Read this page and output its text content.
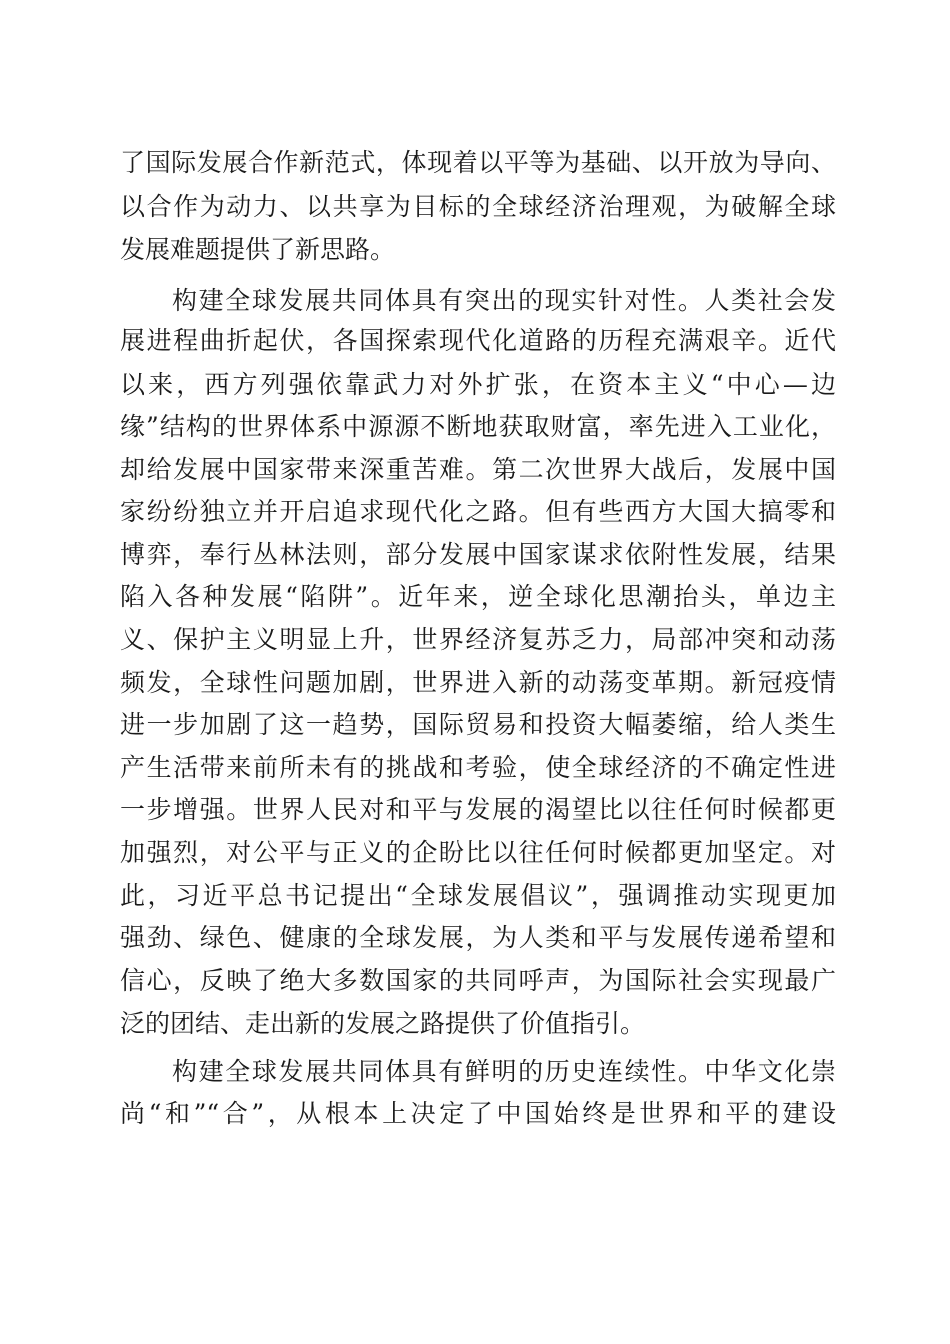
了国际发展合作新范式，体现着以平等为基础、以开放为导向、
以合作为动力、以共享为目标的全球经济治理观，为破解全球
发展难题提供了新思路。
构建全球发展共同体具有突出的现实针对性。人类社会发
展进程曲折起伏，各国探索现代化道路的历程充满艰辛。近代
以来，西方列强依靠武力对外扩张，在资本主义“中心—边
缘”结构的世界体系中源源不断地获取财富，率先进入工业化，
却给发展中国家带来深重苦难。第二次世界大战后，发展中国
家纷纷独立并开启追求现代化之路。但有些西方大国大搞零和
博弈，奉行丛林法则，部分发展中国家谋求依附性发展，结果
陷入各种发展“陷阱”。近年来，逆全球化思潮抬头，单边主
义、保护主义明显上升，世界经济复苏乏力，局部冲突和动荡
频发，全球性问题加剧，世界进入新的动荡变革期。新冠疫情
进一步加剧了这一趋势，国际贸易和投资大幅萎缩，给人类生
产生活带来前所未有的挑战和考验，使全球经济的不确定性进
一步增强。世界人民对和平与发展的渴望比以往任何时候都更
加强烈，对公平与正义的企盼比以往任何时候都更加坚定。对
此，习近平总书记提出“全球发展倡议”，强调推动实现更加
强劲、绿色、健康的全球发展，为人类和平与发展传递希望和
信心，反映了绝大多数国家的共同呼声，为国际社会实现最广
泛的团结、走出新的发展之路提供了价值指引。
构建全球发展共同体具有鲜明的历史连续性。中华文化崇
尚“和”“合”，从根本上决定了中国始终是世界和平的建设
